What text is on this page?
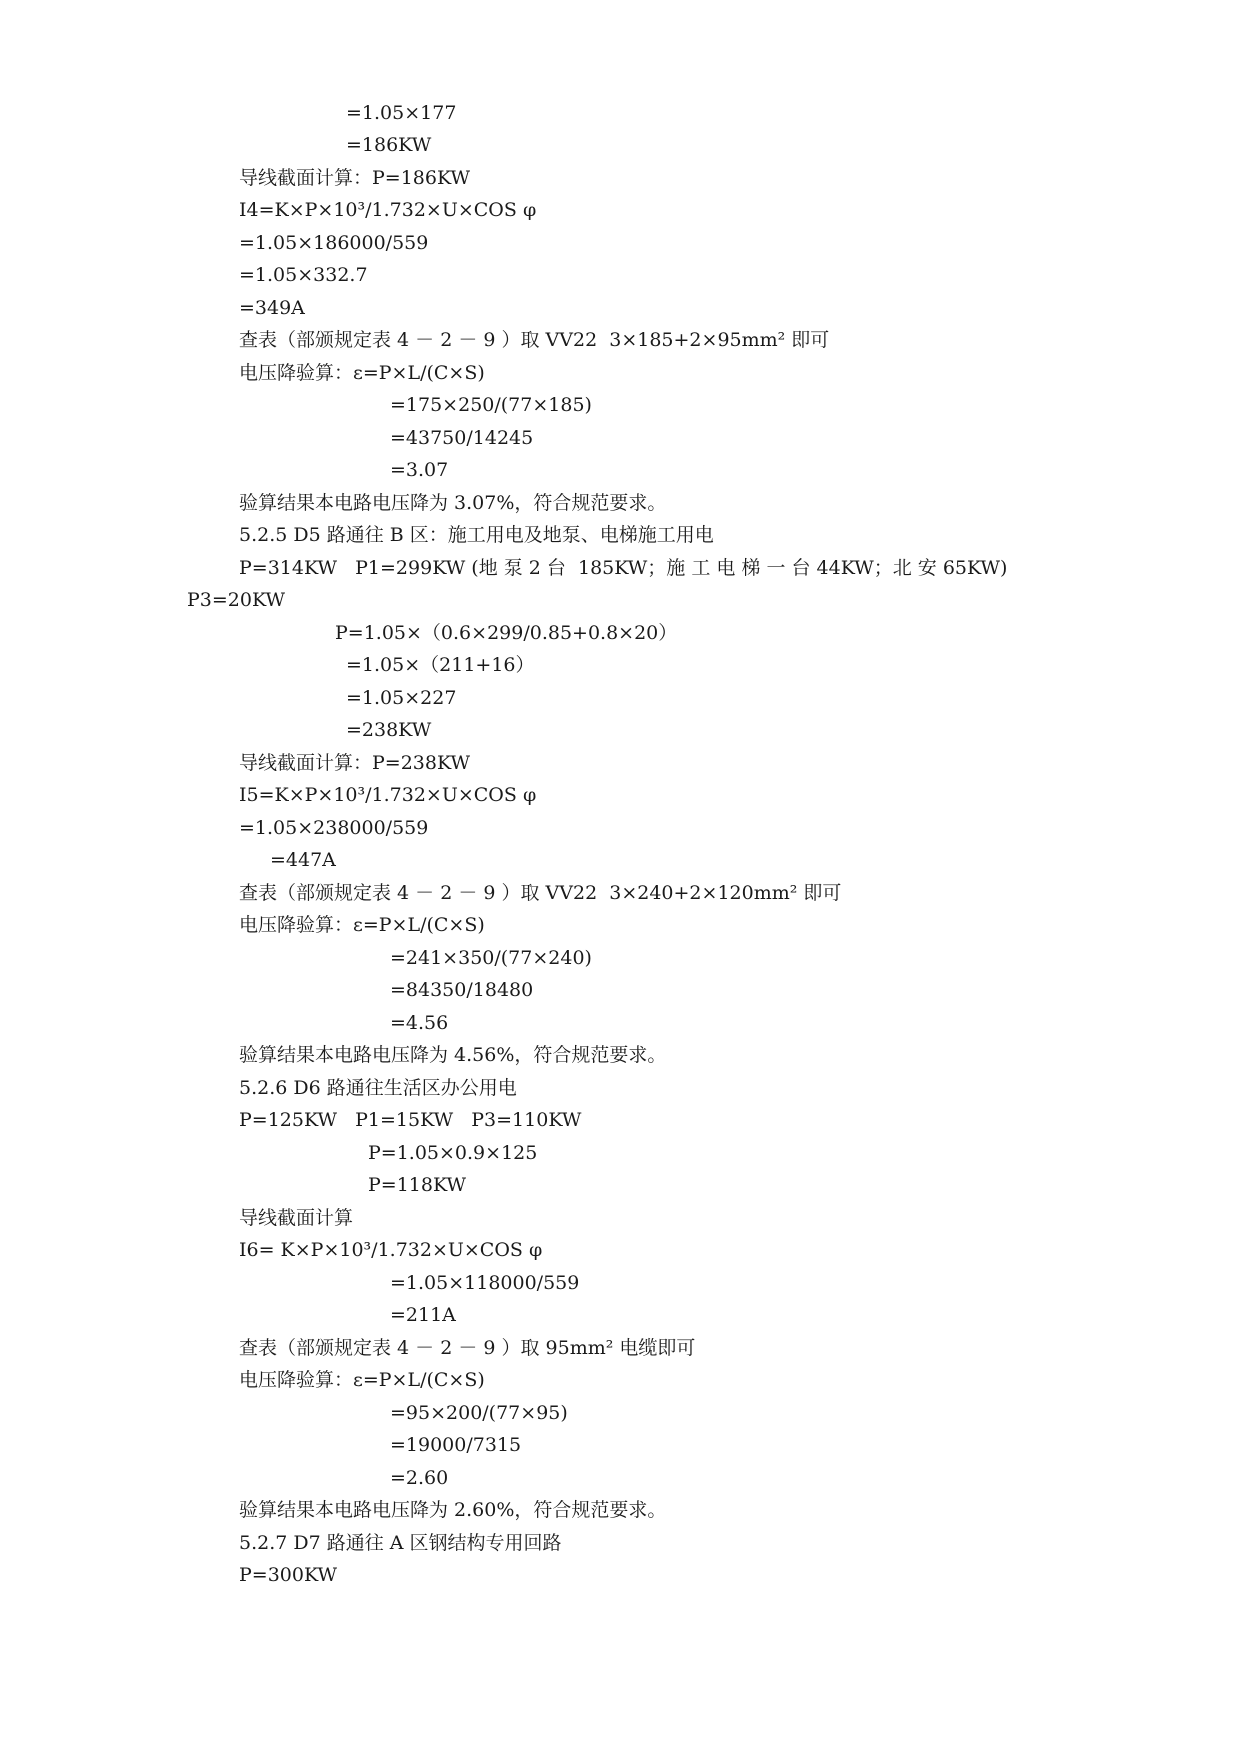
=1.05×177
=186KW
导线截面计算：P=186KW
I4=K×P×10³/1.732×U×COS φ
=1.05×186000/559
=1.05×332.7
=349A
查表（部颁规定表 4 － 2 － 9 ）取 VV22  3×185+2×95mm² 即可
电压降验算：ε=P×L/(C×S)
=175×250/(77×185)
=43750/14245
=3.07
验算结果本电路电压降为 3.07%，符合规范要求。
5.2.5 D5 路通往 B 区：施工用电及地泵、电梯施工用电
P=314KW   P1=299KW (地 泵 2 台  185KW；施 工 电 梯 一 台 44KW；北 安 65KW)
P3=20KW
P=1.05×（0.6×299/0.85+0.8×20）
=1.05×（211+16）
=1.05×227
=238KW
导线截面计算：P=238KW
I5=K×P×10³/1.732×U×COS φ
=1.05×238000/559
=447A
查表（部颁规定表 4 － 2 － 9 ）取 VV22  3×240+2×120mm² 即可
电压降验算：ε=P×L/(C×S)
=241×350/(77×240)
=84350/18480
=4.56
验算结果本电路电压降为 4.56%，符合规范要求。
5.2.6 D6 路通往生活区办公用电
P=125KW   P1=15KW   P3=110KW
P=1.05×0.9×125
P=118KW
导线截面计算
I6= K×P×10³/1.732×U×COS φ
=1.05×118000/559
=211A
查表（部颁规定表 4 － 2 － 9 ）取 95mm² 电缆即可
电压降验算：ε=P×L/(C×S)
=95×200/(77×95)
=19000/7315
=2.60
验算结果本电路电压降为 2.60%，符合规范要求。
5.2.7 D7 路通往 A 区钢结构专用回路
P=300KW
